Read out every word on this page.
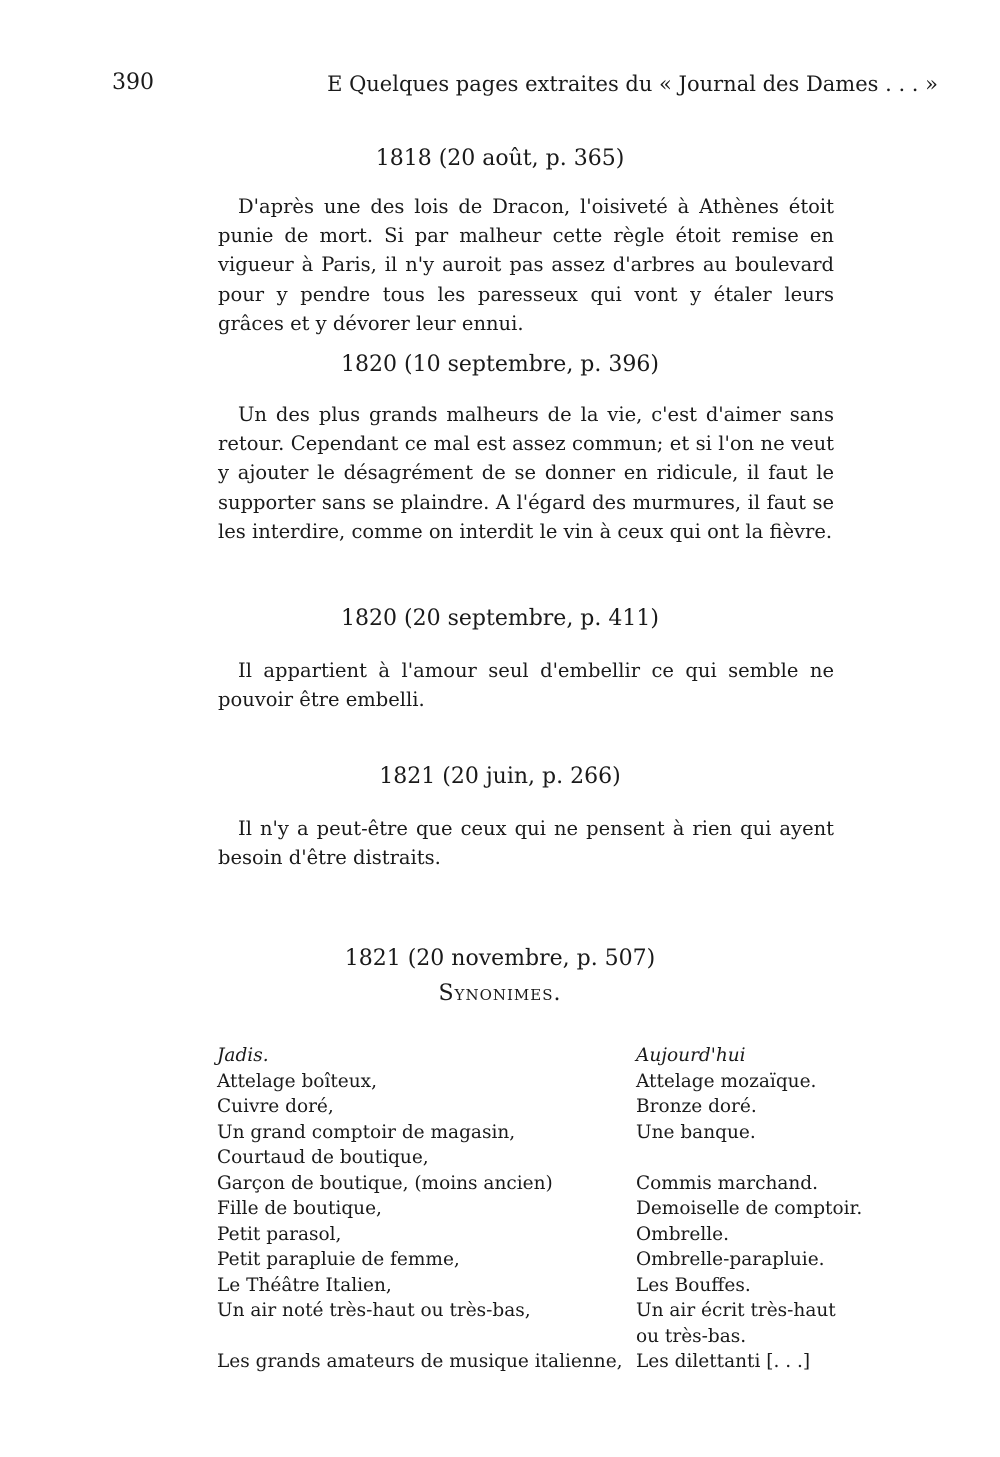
390	E Quelques pages extraites du « Journal des Dames . . . »
1818 (20 août, p. 365)

D'après une des lois de Dracon, l'oisiveté à Athènes étoit punie de mort. Si par malheur cette règle étoit remise en vigueur à Paris, il n'y auroit pas assez d'arbres au boulevard pour y pendre tous les paresseux qui vont y étaler leurs grâces et y dévorer leur ennui.

1820 (10 septembre, p. 396)

Un des plus grands malheurs de la vie, c'est d'aimer sans retour. Cependant ce mal est assez commun; et si l'on ne veut y ajouter le désagrément de se donner en ridicule, il faut le supporter sans se plaindre. A l'égard des murmures, il faut se les interdire, comme on interdit le vin à ceux qui ont la fièvre.

1820 (20 septembre, p. 411)

Il appartient à l'amour seul d'embellir ce qui semble ne pouvoir être embelli.

1821 (20 juin, p. 266)

Il n'y a peut-être que ceux qui ne pensent à rien qui ayent besoin d'être distraits.

1821 (20 novembre, p. 507)
Synonimes.
Jadis.
Attelage boîteux,
Cuivre doré,
Un grand comptoir de magasin,
Courtaud de boutique,
Garçon de boutique, (moins ancien)
Fille de boutique,
Petit parasol,
Petit parapluie de femme,
Le Théâtre Italien,
Un air noté très-haut ou très-bas,
Les grands amateurs de musique italienne,
Aujourd'hui
Attelage mozaïque.
Bronze doré.
Une banque.
Commis marchand.
Demoiselle de comptoir.
Ombrelle.
Ombrelle-parapluie.
Les Bouffes.
Un air écrit très-haut
ou très-bas.
Les dilettanti [. . .]
